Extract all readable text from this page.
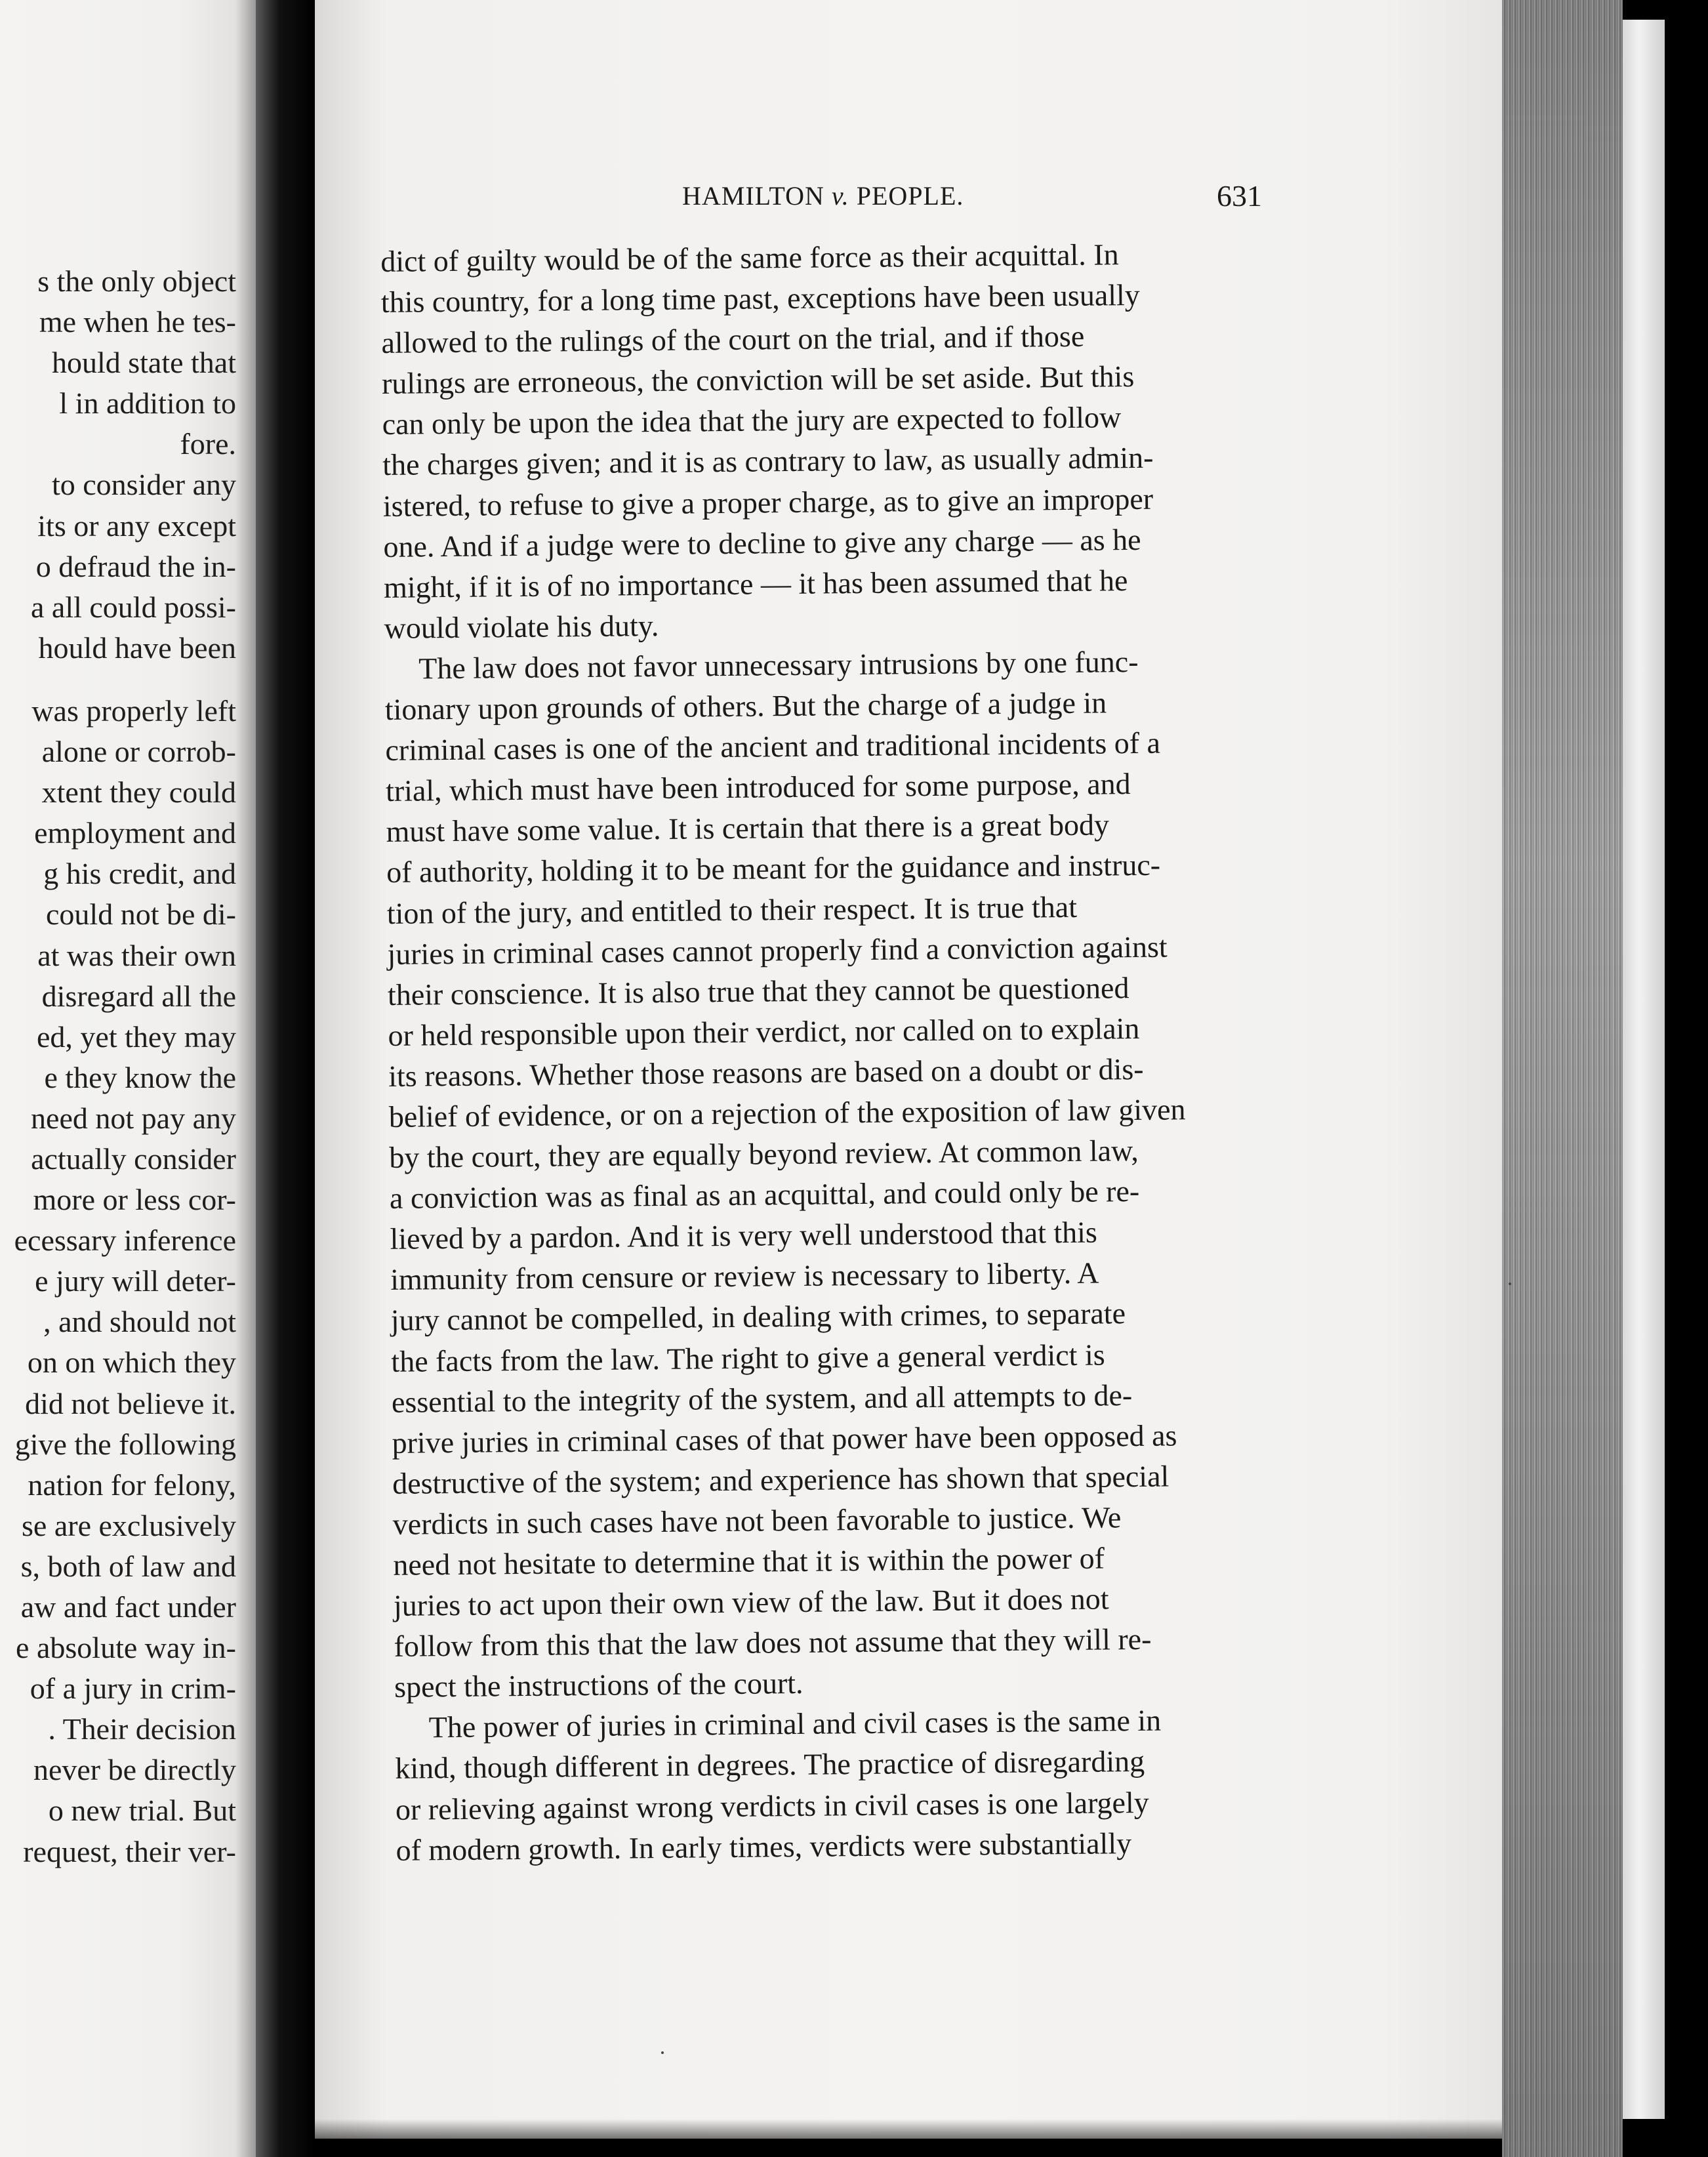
s the only object
me when he tes-
hould state that
l in addition to
fore.
to consider any
its or any except
o defraud the in-
a all could possi-
hould have been
was properly left
alone or corrob-
xtent they could
employment and
g his credit, and
could not be di-
at was their own
disregard all the
ed, yet they may
e they know the
need not pay any
actually consider
more or less cor-
ecessary inference
e jury will deter-
, and should not
on on which they
did not believe it.
give the following
nation for felony,
se are exclusively
s, both of law and
aw and fact under
e absolute way in-
of a jury in crim-
. Their decision
never be directly
o new trial. But
request, their ver-
HAMILTON v. PEOPLE.	631
dict of guilty would be of the same force as their acquittal. In
this country, for a long time past, exceptions have been usually
allowed to the rulings of the court on the trial, and if those
rulings are erroneous, the conviction will be set aside. But this
can only be upon the idea that the jury are expected to follow
the charges given; and it is as contrary to law, as usually admin-
istered, to refuse to give a proper charge, as to give an improper
one. And if a judge were to decline to give any charge — as he
might, if it is of no importance — it has been assumed that he
would violate his duty.
The law does not favor unnecessary intrusions by one func-
tionary upon grounds of others. But the charge of a judge in
criminal cases is one of the ancient and traditional incidents of a
trial, which must have been introduced for some purpose, and
must have some value. It is certain that there is a great body
of authority, holding it to be meant for the guidance and instruc-
tion of the jury, and entitled to their respect. It is true that
juries in criminal cases cannot properly find a conviction against
their conscience. It is also true that they cannot be questioned
or held responsible upon their verdict, nor called on to explain
its reasons. Whether those reasons are based on a doubt or dis-
belief of evidence, or on a rejection of the exposition of law given
by the court, they are equally beyond review. At common law,
a conviction was as final as an acquittal, and could only be re-
lieved by a pardon. And it is very well understood that this
immunity from censure or review is necessary to liberty. A
jury cannot be compelled, in dealing with crimes, to separate
the facts from the law. The right to give a general verdict is
essential to the integrity of the system, and all attempts to de-
prive juries in criminal cases of that power have been opposed as
destructive of the system; and experience has shown that special
verdicts in such cases have not been favorable to justice. We
need not hesitate to determine that it is within the power of
juries to act upon their own view of the law. But it does not
follow from this that the law does not assume that they will re-
spect the instructions of the court.
The power of juries in criminal and civil cases is the same in
kind, though different in degrees. The practice of disregarding
or relieving against wrong verdicts in civil cases is one largely
of modern growth. In early times, verdicts were substantially
